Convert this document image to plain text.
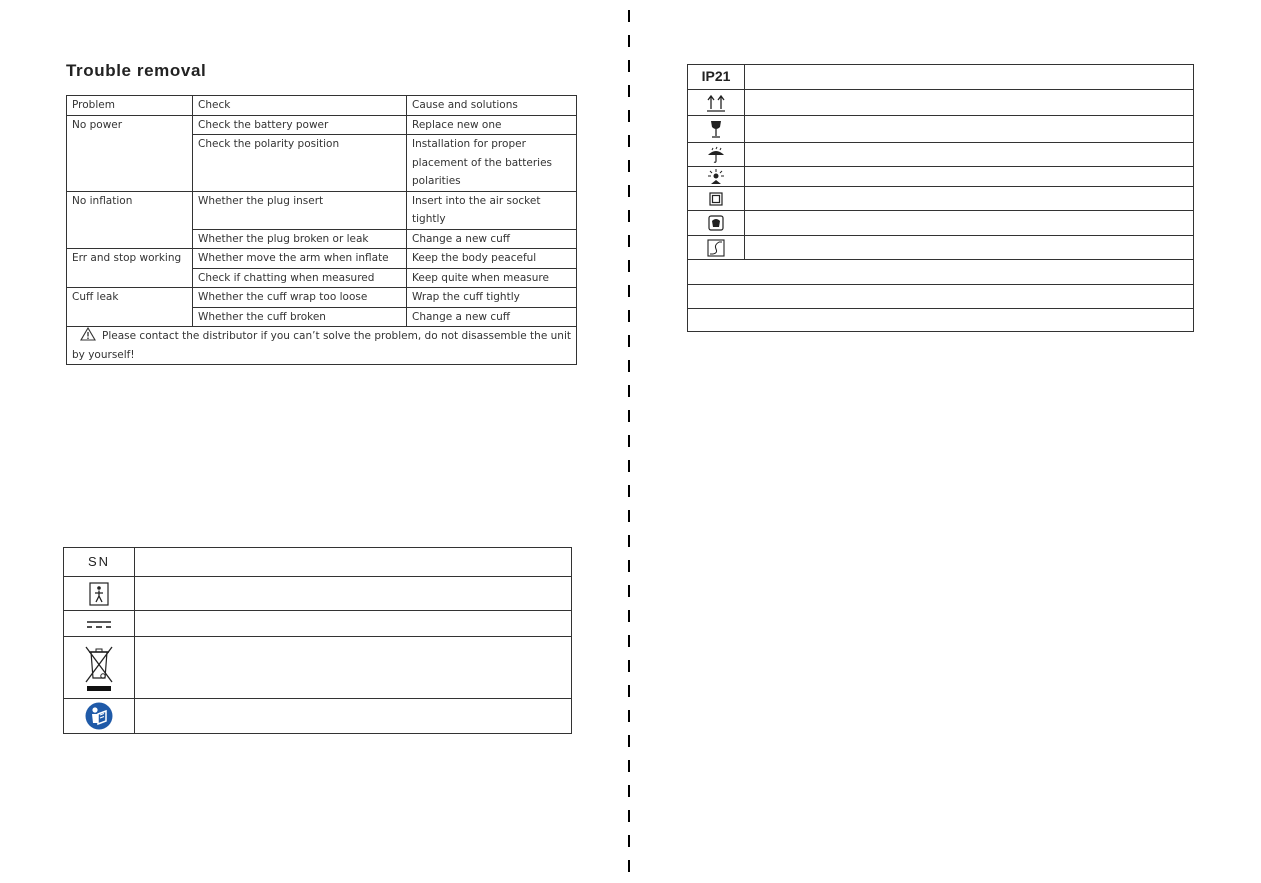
Trouble removal
Problem	Check	Cause and solutions
No power	Check the battery power	Replace new one
	Check the polarity position	Installation for proper
placement of the batteries
polarities

No inflation	Whether the plug insert	Insert into the air socket
tightly

	Whether the plug broken or leak	Change a new cuff
Err and stop working	Whether move the arm when inflate	Keep the body peaceful
	Check if chatting when measured	Keep quite when measure
Cuff leak	Whether the cuff wrap too loose	Wrap the cuff tightly
	Whether the cuff broken	Change a new cuff
Please contact the distributor if you can’t solve the problem, do not disassemble the unit by yourself!		
SN	

IP21	
